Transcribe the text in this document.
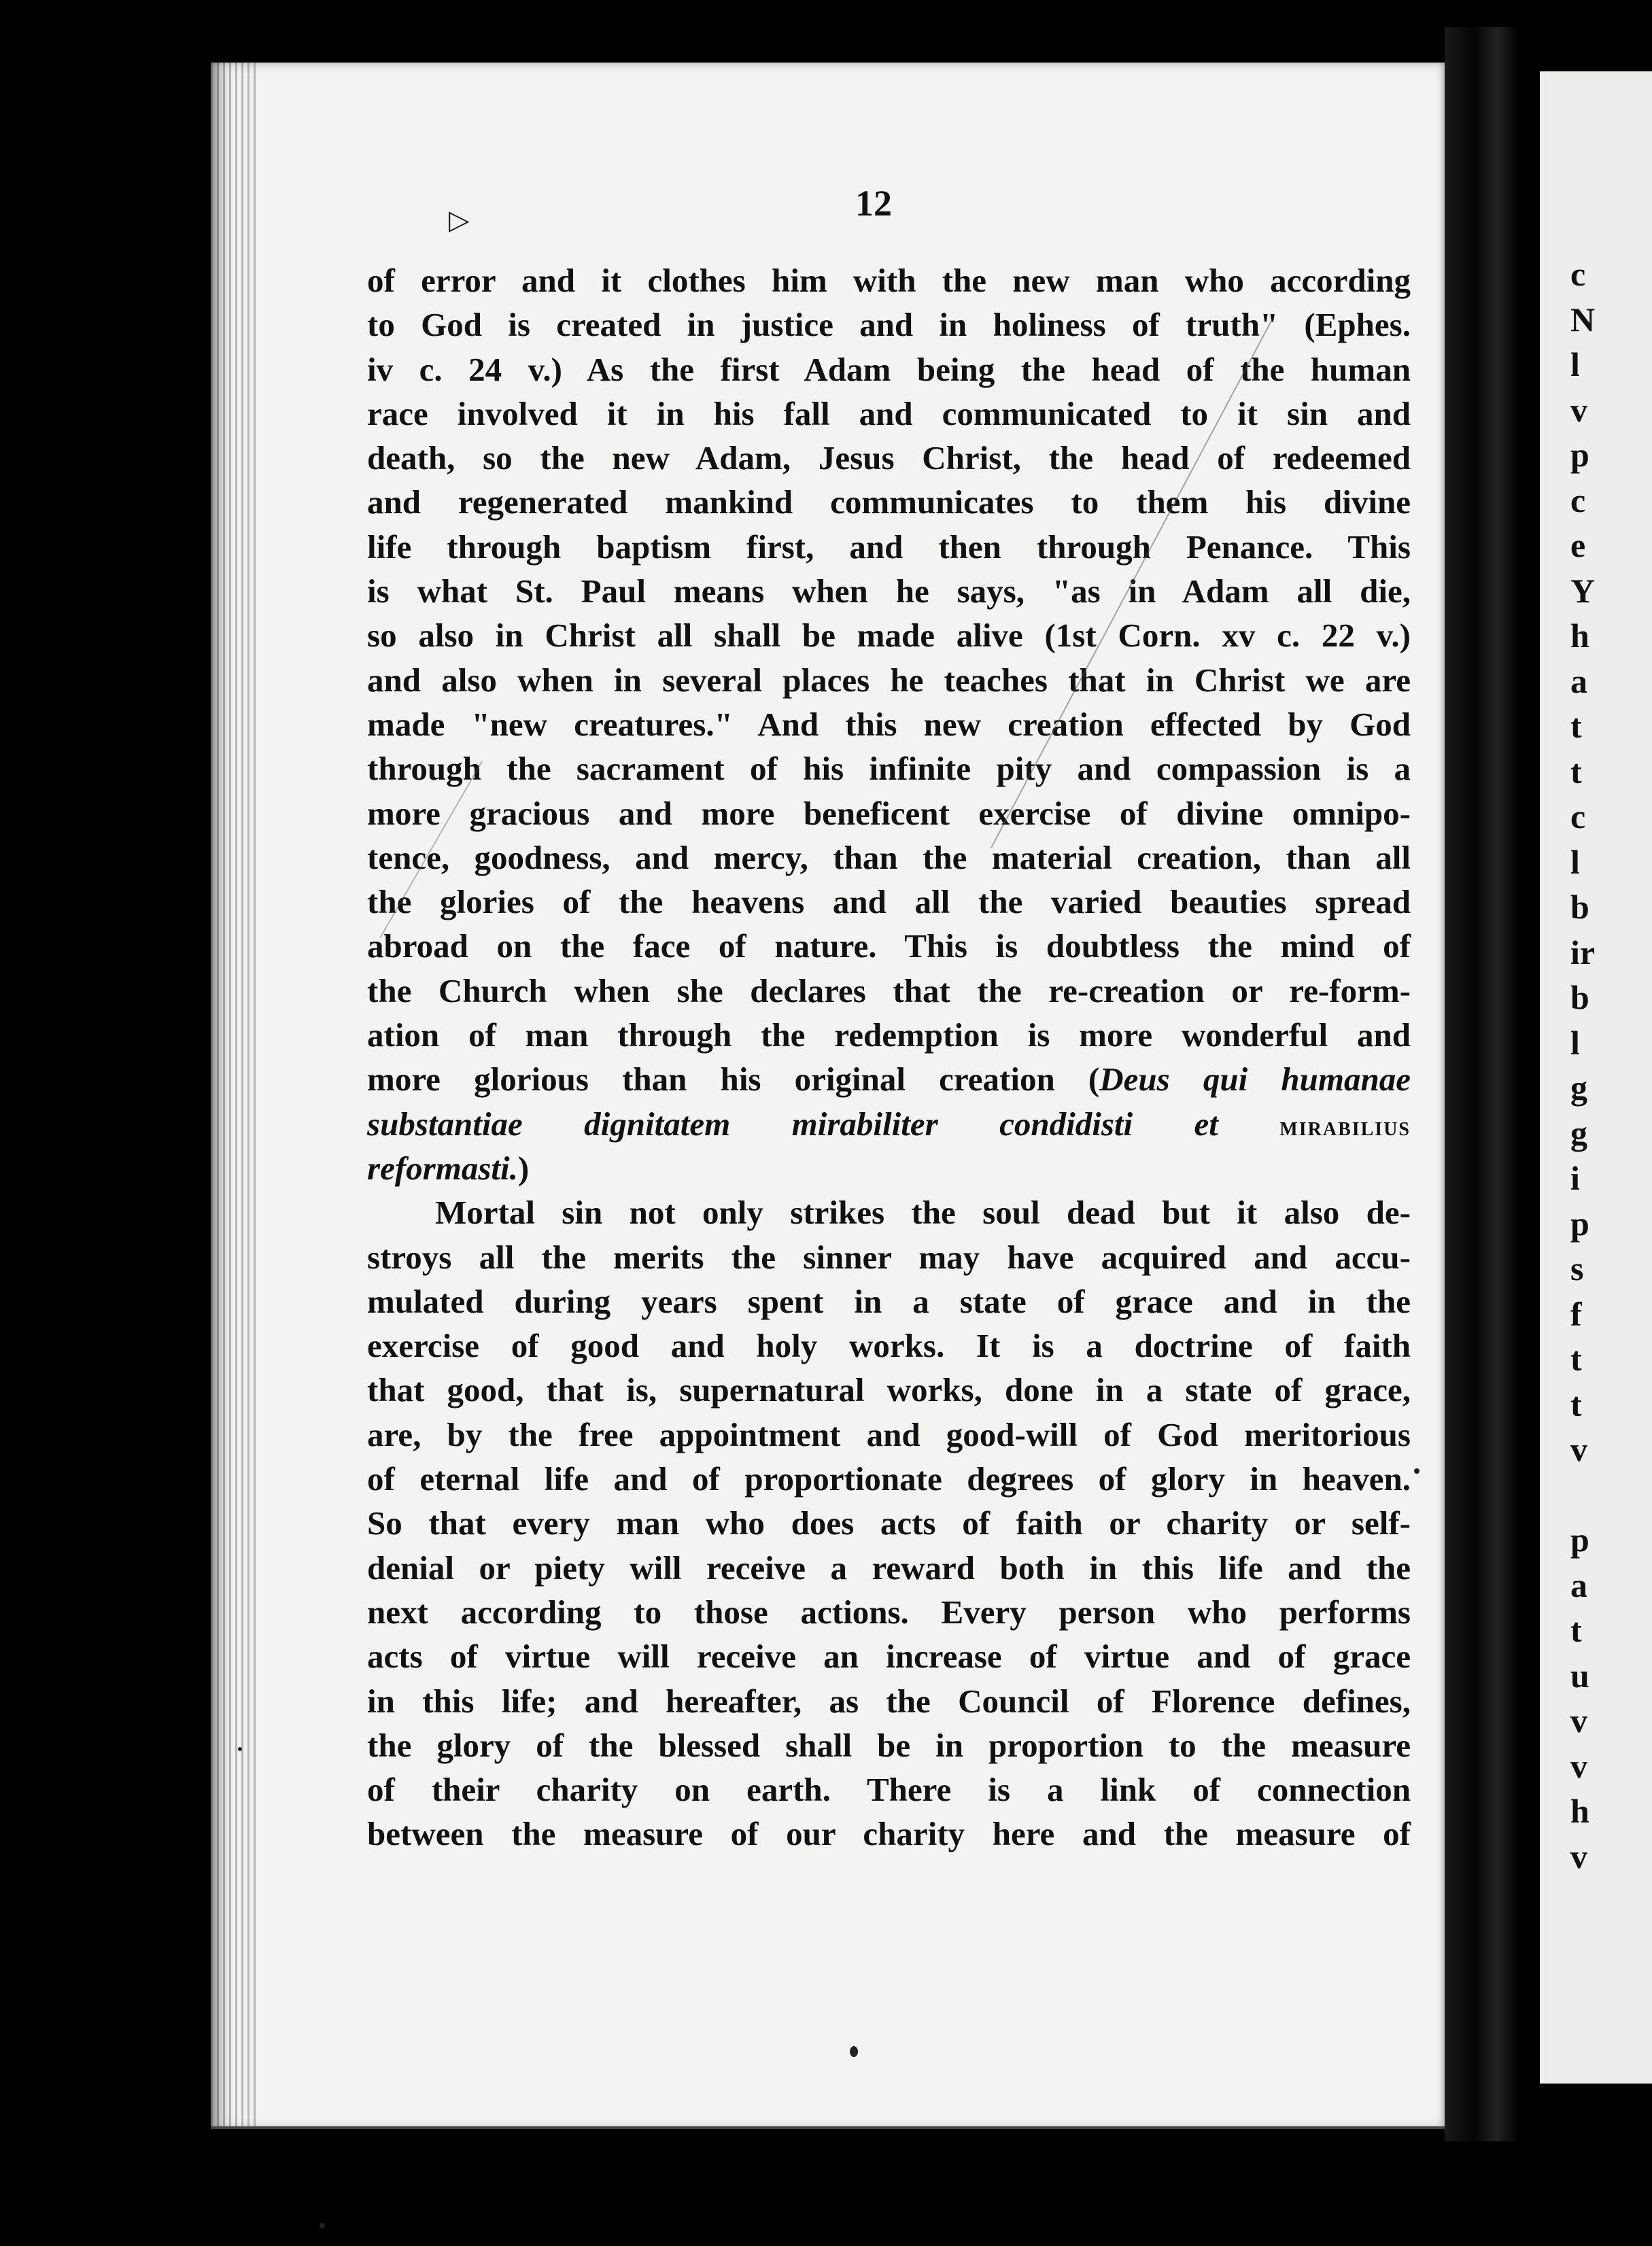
c
N
l
v
p
c
e
Y
h
a
t
t
c
l
b
ir
b
l
g
g
i
p
s
f
t
t
v
p
a
t
u
v
v
h
v
▷	12
of error and it clothes him with the new man who according
to God is created in justice and in holiness of truth" (Ephes.
iv c. 24 v.) As the first Adam being the head of the human
race involved it in his fall and communicated to it sin and
death, so the new Adam, Jesus Christ, the head of redeemed
and regenerated mankind communicates to them his divine
life through baptism first, and then through Penance. This
is what St. Paul means when he says, "as in Adam all die,
so also in Christ all shall be made alive (1st Corn. xv c. 22 v.)
and also when in several places he teaches that in Christ we are
made "new creatures." And this new creation effected by God
through the sacrament of his infinite pity and compassion is a
more gracious and more beneficent exercise of divine omnipo-
tence, goodness, and mercy, than the material creation, than all
the glories of the heavens and all the varied beauties spread
abroad on the face of nature. This is doubtless the mind of
the Church when she declares that the re-creation or re-form-
ation of man through the redemption is more wonderful and
more glorious than his original creation (Deus qui humanae
substantiae dignitatem mirabiliter condidisti et mirabilius
reformasti.)
Mortal sin not only strikes the soul dead but it also de-
stroys all the merits the sinner may have acquired and accu-
mulated during years spent in a state of grace and in the
exercise of good and holy works. It is a doctrine of faith
that good, that is, supernatural works, done in a state of grace,
are, by the free appointment and good-will of God meritorious
of eternal life and of proportionate degrees of glory in heaven.
So that every man who does acts of faith or charity or self-
denial or piety will receive a reward both in this life and the
next according to those actions. Every person who performs
acts of virtue will receive an increase of virtue and of grace
in this life; and hereafter, as the Council of Florence defines,
the glory of the blessed shall be in proportion to the measure
of their charity on earth. There is a link of connection
between the measure of our charity here and the measure of
